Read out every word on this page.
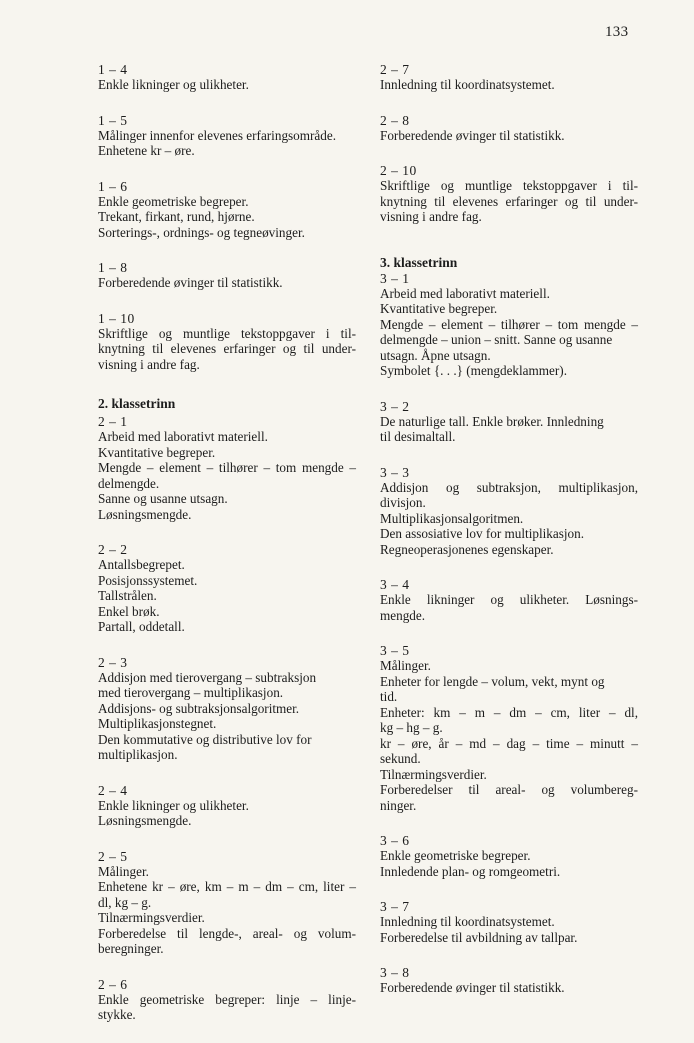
133
1 – 4
Enkle likninger og ulikheter.
1 – 5
Målinger innenfor elevenes erfaringsområde.
Enhetene kr – øre.
1 – 6
Enkle geometriske begreper.
Trekant, firkant, rund, hjørne.
Sorterings-, ordnings- og tegneøvinger.
1 – 8
Forberedende øvinger til statistikk.
1 – 10
Skriftlige og muntlige tekstoppgaver i til-
knytning til elevenes erfaringer og til under-
visning i andre fag.
2. klassetrinn
2 – 1
Arbeid med laborativt materiell.
Kvantitative begreper.
Mengde – element – tilhører – tom mengde –
delmengde.
Sanne og usanne utsagn.
Løsningsmengde.
2 – 2
Antallsbegrepet.
Posisjonssystemet.
Tallstrålen.
Enkel brøk.
Partall, oddetall.
2 – 3
Addisjon med tierovergang – subtraksjon
med tierovergang – multiplikasjon.
Addisjons- og subtraksjonsalgoritmer.
Multiplikasjonstegnet.
Den kommutative og distributive lov for
multiplikasjon.
2 – 4
Enkle likninger og ulikheter.
Løsningsmengde.
2 – 5
Målinger.
Enhetene kr – øre, km – m – dm – cm, liter –
dl, kg – g.
Tilnærmingsverdier.
Forberedelse til lengde-, areal- og volum-
beregninger.
2 – 6
Enkle geometriske begreper: linje – linje-
stykke.
2 – 7
Innledning til koordinatsystemet.
2 – 8
Forberedende øvinger til statistikk.
2 – 10
Skriftlige og muntlige tekstoppgaver i til-
knytning til elevenes erfaringer og til under-
visning i andre fag.
3. klassetrinn
3 – 1
Arbeid med laborativt materiell.
Kvantitative begreper.
Mengde – element – tilhører – tom mengde –
delmengde – union – snitt. Sanne og usanne
utsagn. Åpne utsagn.
Symbolet {. . .} (mengdeklammer).
3 – 2
De naturlige tall. Enkle brøker. Innledning
til desimaltall.
3 – 3
Addisjon og subtraksjon, multiplikasjon,
divisjon.
Multiplikasjonsalgoritmen.
Den assosiative lov for multiplikasjon.
Regneoperasjonenes egenskaper.
3 – 4
Enkle likninger og ulikheter. Løsnings-
mengde.
3 – 5
Målinger.
Enheter for lengde – volum, vekt, mynt og
tid.
Enheter: km – m – dm – cm, liter – dl,
kg – hg – g.
kr – øre, år – md – dag – time – minutt –
sekund.
Tilnærmingsverdier.
Forberedelser til areal- og volumbereg-
ninger.
3 – 6
Enkle geometriske begreper.
Innledende plan- og romgeometri.
3 – 7
Innledning til koordinatsystemet.
Forberedelse til avbildning av tallpar.
3 – 8
Forberedende øvinger til statistikk.
